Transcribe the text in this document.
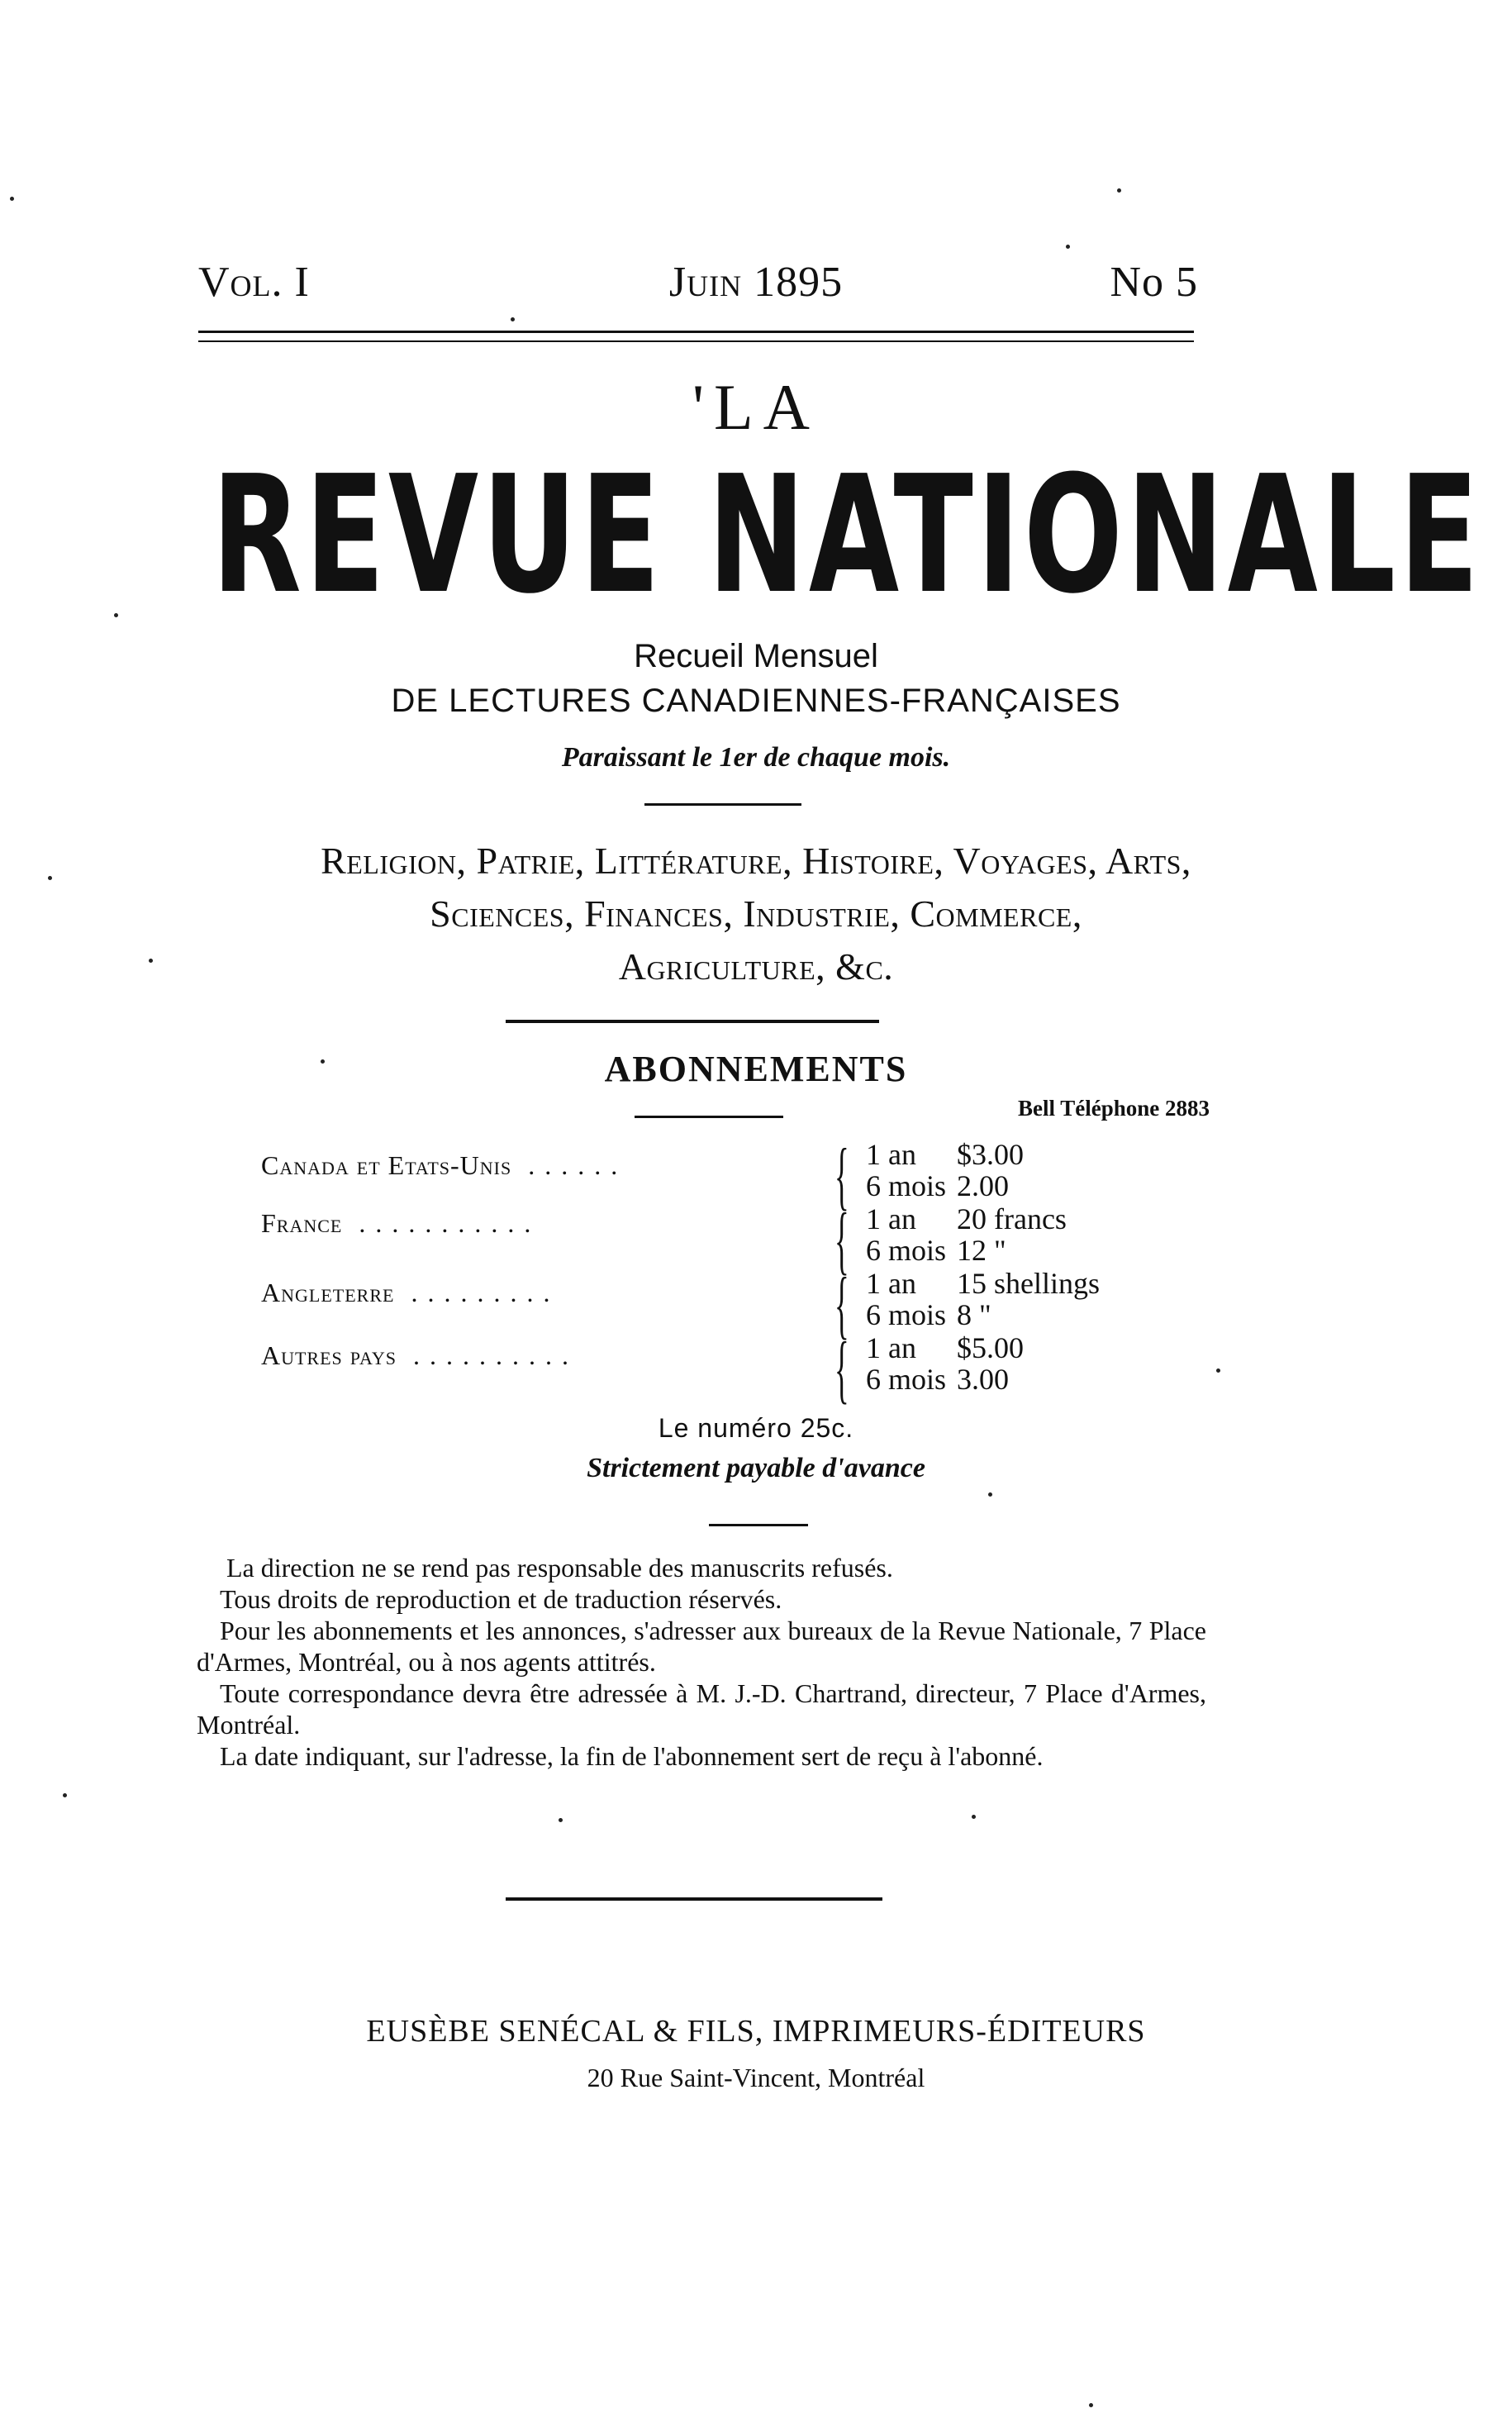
Vol. I	Juin 1895	No 5
'LA
REVUE NATIONALE
Recueil Mensuel
DE LECTURES CANADIENNES-FRANÇAISES
Paraissant le 1er de chaque mois.
Religion, Patrie, Littérature, Histoire, Voyages, Arts,
Sciences, Finances, Industrie, Commerce,
Agriculture, &c.
ABONNEMENTS
Bell Téléphone 2883
Canada et Etats-Unis ......	{ 1 an $3.00
6 mois 2.00
France ...........	{ 1 an 20 francs
6 mois 12 "
Angleterre .........	{ 1 an 15 shellings
6 mois 8 "
Autres pays ..........	{ 1 an $5.00
6 mois 3.00
Le numéro 25c.
Strictement payable d'avance

La direction ne se rend pas responsable des manuscrits refusés.

Tous droits de reproduction et de traduction réservés.

Pour les abonnements et les annonces, s'adresser aux bureaux de la Revue Nationale, 7 Place d'Armes, Montréal, ou à nos agents attitrés.

Toute correspondance devra être adressée à M. J.-D. Chartrand, directeur, 7 Place d'Armes, Montréal.

La date indiquant, sur l'adresse, la fin de l'abonnement sert de reçu à l'abonné.

EUSÈBE SENÉCAL & FILS, IMPRIMEURS-ÉDITEURS
20 Rue Saint-Vincent, Montréal
